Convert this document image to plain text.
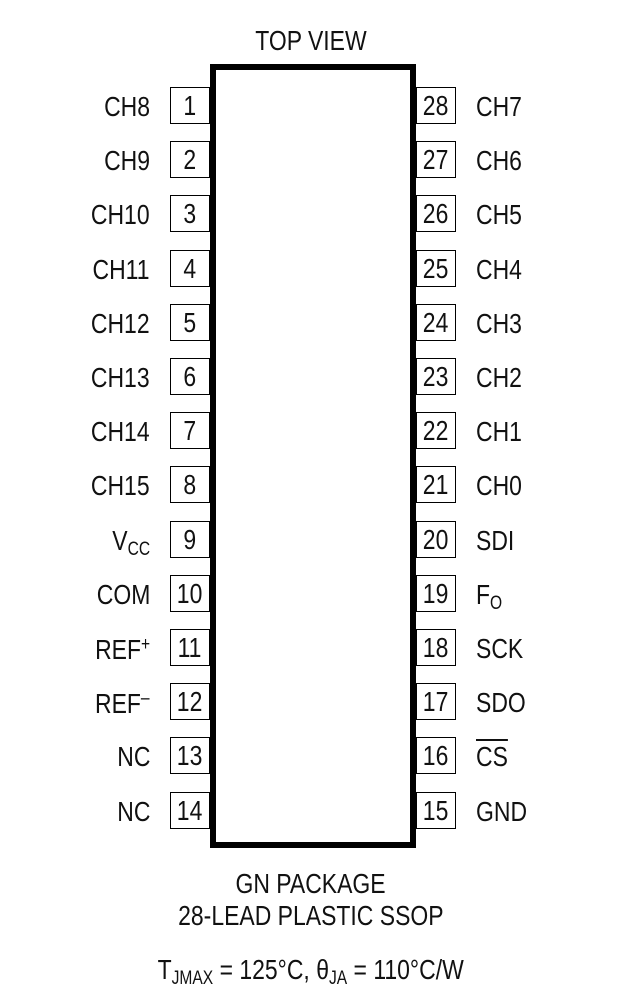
TOP VIEW
1
CH8
2
CH9
3
CH10
4
CH11
5
CH12
6
CH13
7
CH14
8
CH15
9
$V_{CC}$
10
COM
11
REF+
12
REF–
13
NC
14
NC
28 CH7
27 CH6
26 CH5
25 CH4
24 CH3
23 CH2
22 CH1
21 CH0
20 SDI
19 $F_O$
18 SCK
17 SDO
16 $\overline{CS}$
15 GND
GN PACKAGE
28-LEAD PLASTIC SSOP
$T_{JMAX} = 125^\circ C$, $\theta_{JA} = 110^\circ C/W$
